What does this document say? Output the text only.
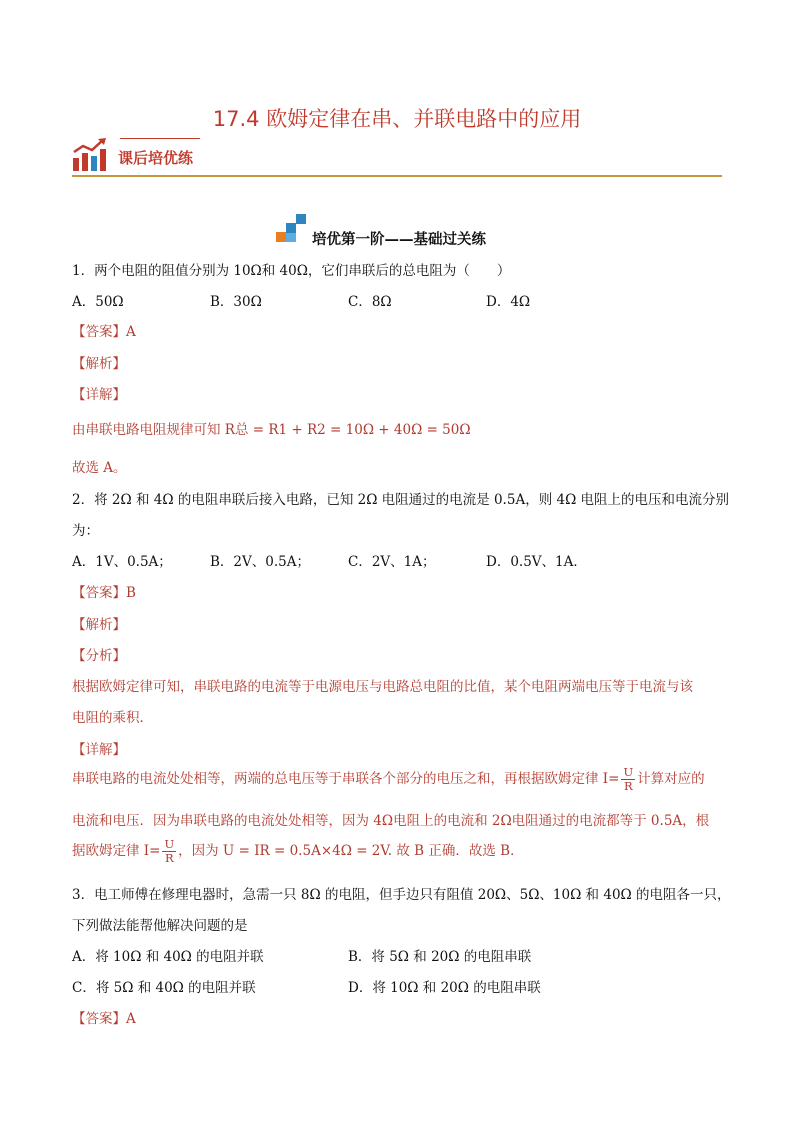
17.4 欧姆定律在串、并联电路中的应用
课后培优练
培优第一阶——基础过关练
1．两个电阻的阻值分别为 10Ω和 40Ω，它们串联后的总电阻为（　　）
A．50Ω	B．30Ω	C．8Ω	D．4Ω
【答案】A
【解析】
【详解】
由串联电路电阻规律可知 R总 = R1 + R2 = 10Ω + 40Ω = 50Ω
故选 A。
2．将 2Ω 和 4Ω 的电阻串联后接入电路，已知 2Ω 电阻通过的电流是 0.5A，则 4Ω 电阻上的电压和电流分别
为：
A．1V、0.5A；	B．2V、0.5A；	C．2V、1A；	D．0.5V、1A．
【答案】B
【解析】
【分析】
根据欧姆定律可知，串联电路的电流等于电源电压与电路总电阻的比值，某个电阻两端电压等于电流与该
电阻的乘积．
【详解】
串联电路的电流处处相等，两端的总电压等于串联各个部分的电压之和，再根据欧姆定律 $I= \frac{U}{R}$ 计算对应的
电流和电压．因为串联电路的电流处处相等，因为 4Ω电阻上的电流和 2Ω电阻通过的电流都等于 0.5A，根
据欧姆定律 $I= \frac{U}{R}$ ，因为 U = IR = 0.5A×4Ω = 2V. 故 B 正确．故选 B．
3．电工师傅在修理电器时，急需一只 8Ω 的电阻，但手边只有阻值 20Ω、5Ω、10Ω 和 40Ω 的电阻各一只，
下列做法能帮他解决问题的是
A．将 10Ω 和 40Ω 的电阻并联	B．将 5Ω 和 20Ω 的电阻串联
C．将 5Ω 和 40Ω 的电阻并联	D．将 10Ω 和 20Ω 的电阻串联
【答案】A
